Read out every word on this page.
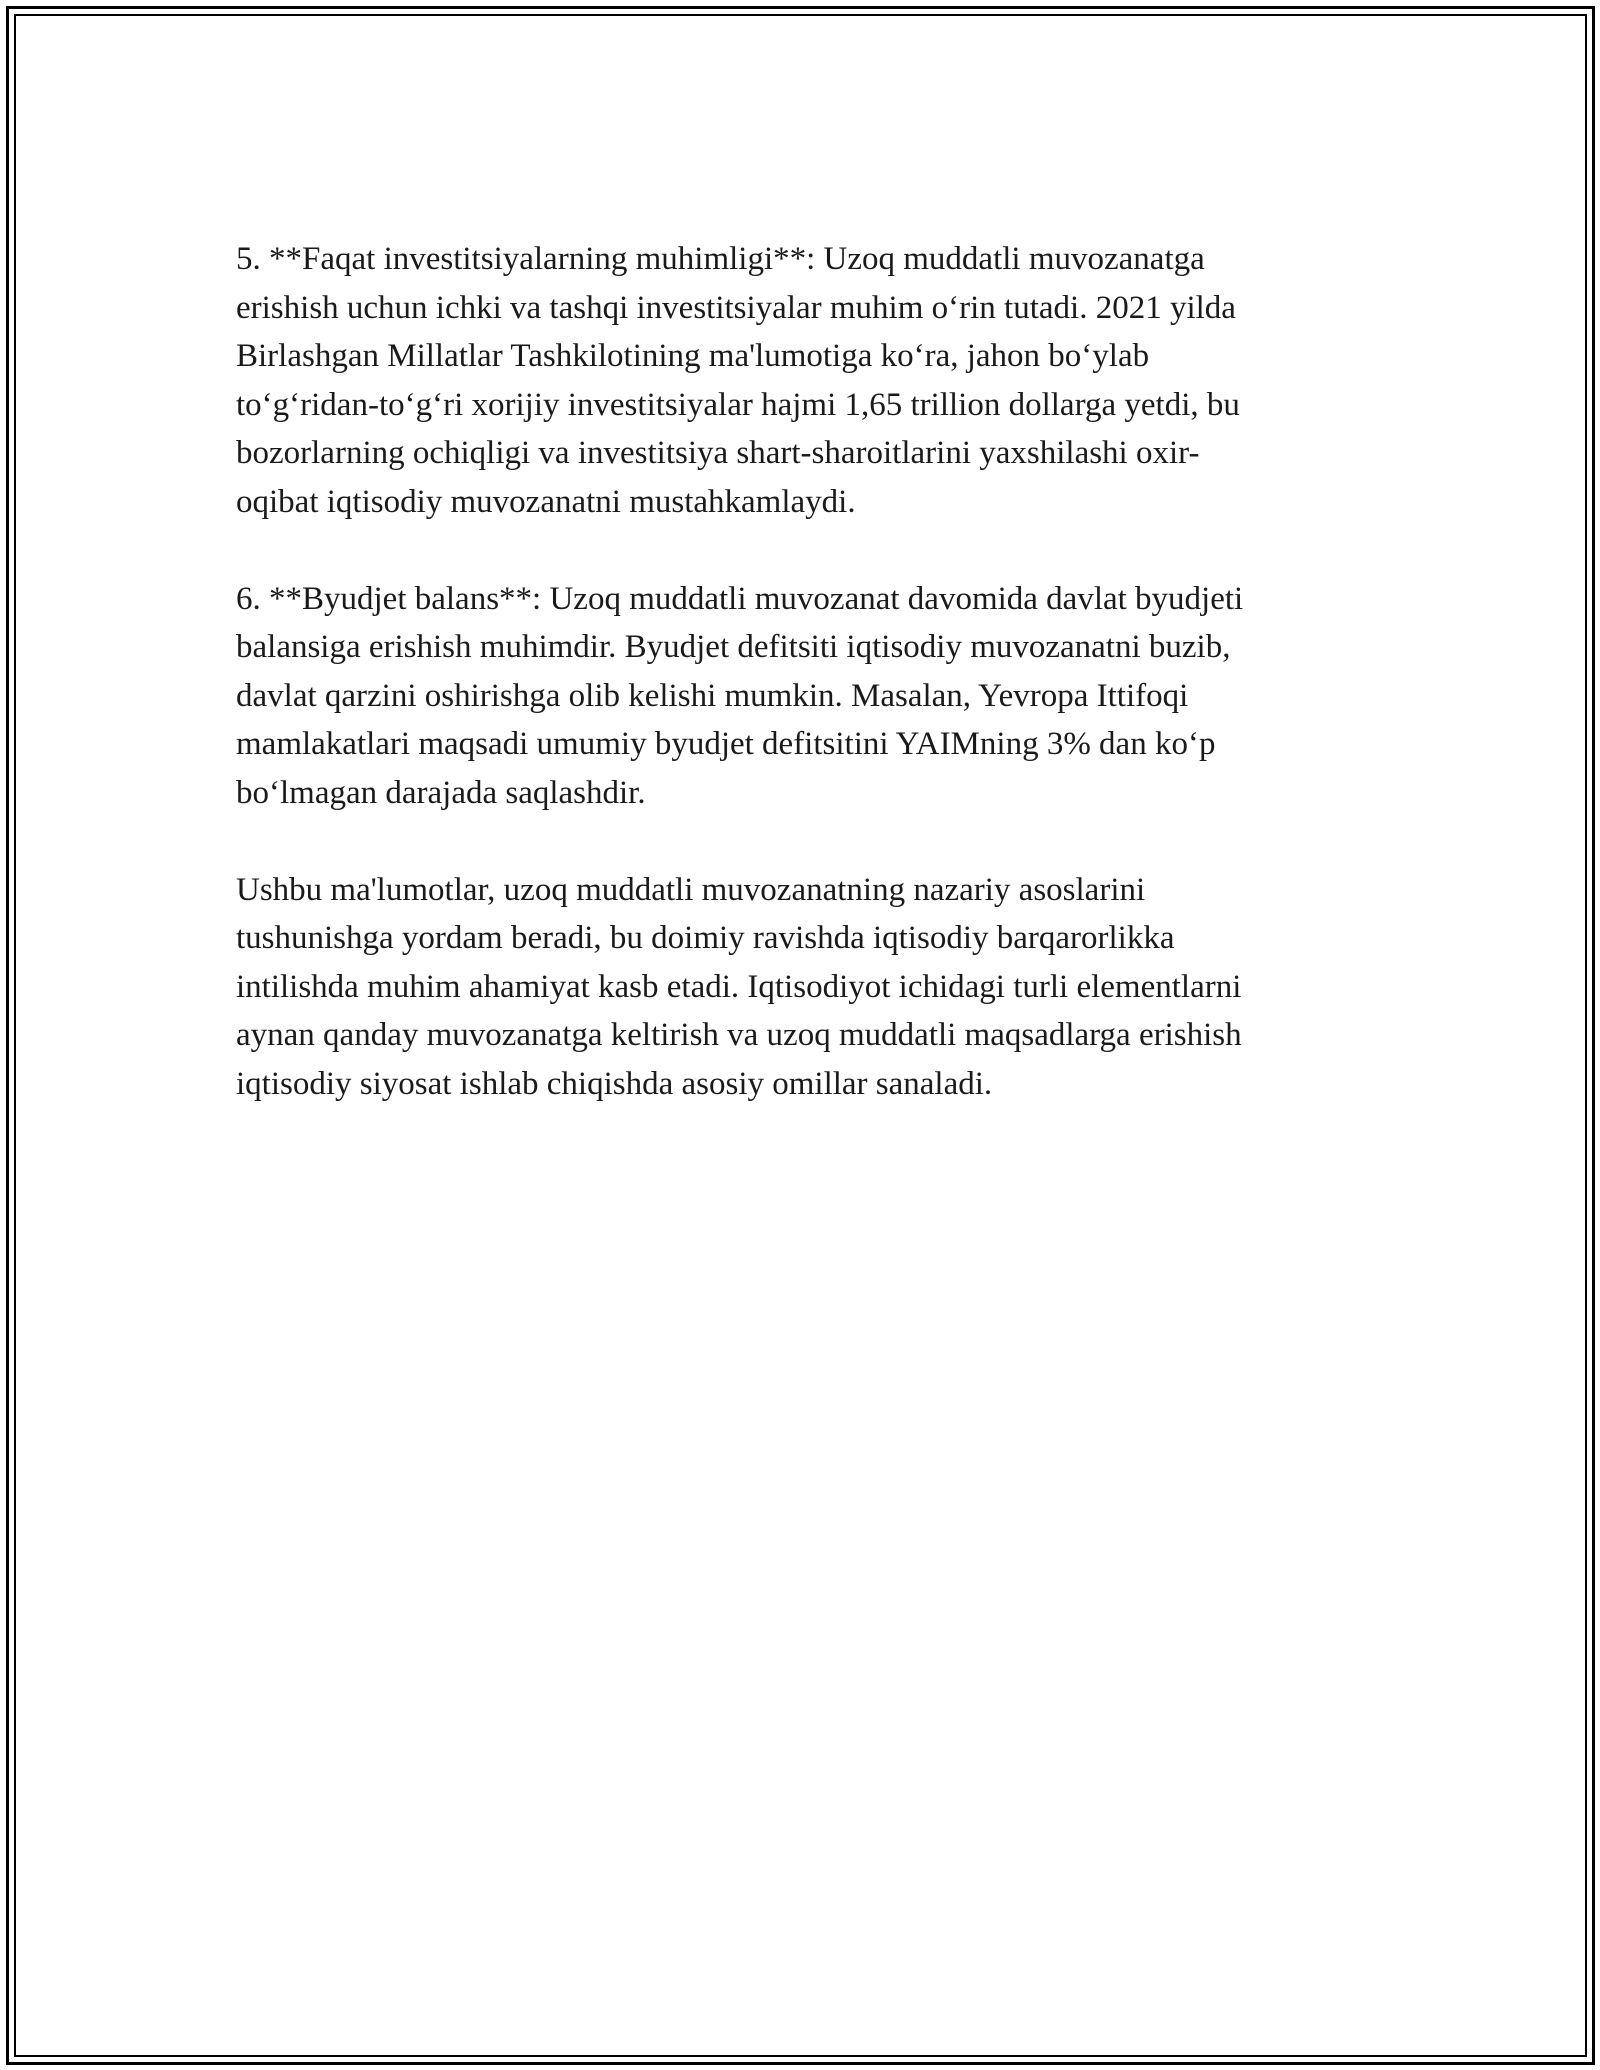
5. **Faqat investitsiyalarning muhimligi**: Uzoq muddatli muvozanatga
erishish uchun ichki va tashqi investitsiyalar muhim oʻrin tutadi. 2021 yilda
Birlashgan Millatlar Tashkilotining ma'lumotiga koʻra, jahon boʻylab
toʻgʻridan-toʻgʻri xorijiy investitsiyalar hajmi 1,65 trillion dollarga yetdi, bu
bozorlarning ochiqligi va investitsiya shart-sharoitlarini yaxshilashi oxir-
oqibat iqtisodiy muvozanatni mustahkamlaydi.

6. **Byudjet balans**: Uzoq muddatli muvozanat davomida davlat byudjeti
balansiga erishish muhimdir. Byudjet defitsiti iqtisodiy muvozanatni buzib,
davlat qarzini oshirishga olib kelishi mumkin. Masalan, Yevropa Ittifoqi
mamlakatlari maqsadi umumiy byudjet defitsitini YAIMning 3% dan koʻp
boʻlmagan darajada saqlashdir.

Ushbu ma'lumotlar, uzoq muddatli muvozanatning nazariy asoslarini
tushunishga yordam beradi, bu doimiy ravishda iqtisodiy barqarorlikka
intilishda muhim ahamiyat kasb etadi. Iqtisodiyot ichidagi turli elementlarni
aynan qanday muvozanatga keltirish va uzoq muddatli maqsadlarga erishish
iqtisodiy siyosat ishlab chiqishda asosiy omillar sanaladi.
